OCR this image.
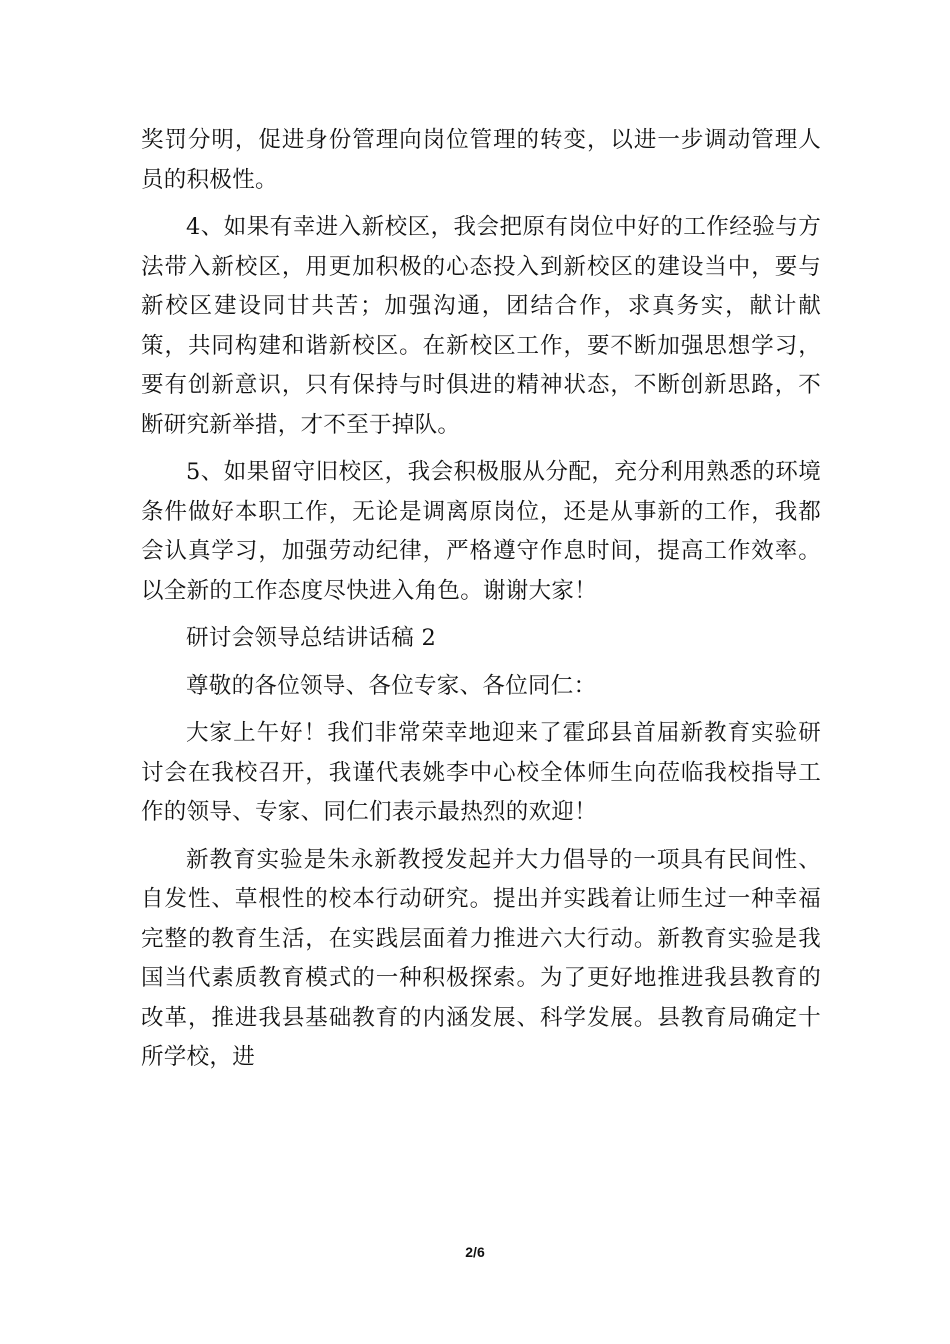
奖罚分明，促进身份管理向岗位管理的转变，以进一步调动管理人员的积极性。

4、如果有幸进入新校区，我会把原有岗位中好的工作经验与方法带入新校区，用更加积极的心态投入到新校区的建设当中，要与新校区建设同甘共苦；加强沟通，团结合作，求真务实，献计献策，共同构建和谐新校区。在新校区工作，要不断加强思想学习，要有创新意识，只有保持与时俱进的精神状态，不断创新思路，不断研究新举措，才不至于掉队。

5、如果留守旧校区，我会积极服从分配，充分利用熟悉的环境条件做好本职工作，无论是调离原岗位，还是从事新的工作，我都会认真学习，加强劳动纪律，严格遵守作息时间，提高工作效率。以全新的工作态度尽快进入角色。谢谢大家！

研讨会领导总结讲话稿 2

尊敬的各位领导、各位专家、各位同仁：

大家上午好！我们非常荣幸地迎来了霍邱县首届新教育实验研讨会在我校召开，我谨代表姚李中心校全体师生向莅临我校指导工作的领导、专家、同仁们表示最热烈的欢迎！

新教育实验是朱永新教授发起并大力倡导的一项具有民间性、自发性、草根性的校本行动研究。提出并实践着让师生过一种幸福完整的教育生活，在实践层面着力推进六大行动。新教育实验是我国当代素质教育模式的一种积极探索。为了更好地推进我县教育的改革，推进我县基础教育的内涵发展、科学发展。县教育局确定十所学校，进

2/6
